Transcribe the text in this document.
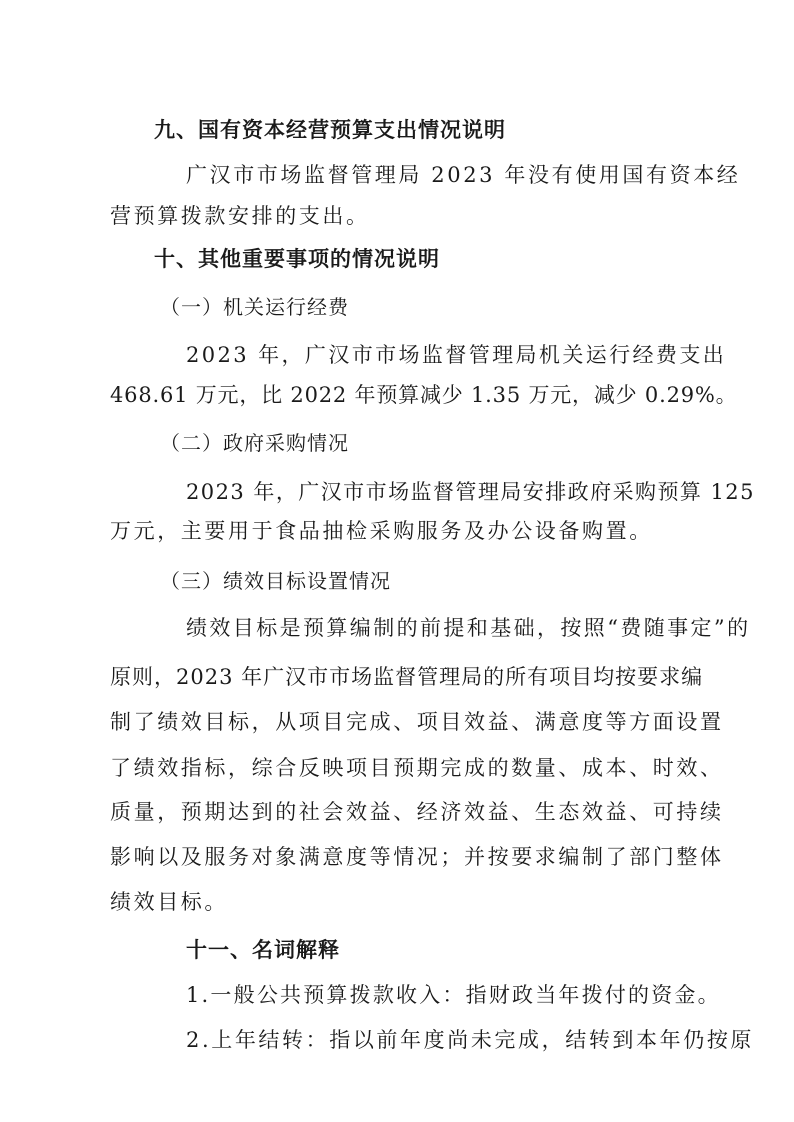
九、国有资本经营预算支出情况说明
广汉市市场监督管理局 2023 年没有使用国有资本经
营预算拨款安排的支出。
十、其他重要事项的情况说明
（一）机关运行经费
2023 年，广汉市市场监督管理局机关运行经费支出
468.61 万元，比 2022 年预算减少 1.35 万元，减少 0.29%。
（二）政府采购情况
2023 年，广汉市市场监督管理局安排政府采购预算 125
万元，主要用于食品抽检采购服务及办公设备购置。
（三）绩效目标设置情况
绩效目标是预算编制的前提和基础，按照“费随事定”的
原则，2023 年广汉市市场监督管理局的所有项目均按要求编
制了绩效目标，从项目完成、项目效益、满意度等方面设置
了绩效指标，综合反映项目预期完成的数量、成本、时效、
质量，预期达到的社会效益、经济效益、生态效益、可持续
影响以及服务对象满意度等情况；并按要求编制了部门整体
绩效目标。
十一、名词解释
1.一般公共预算拨款收入：指财政当年拨付的资金。
2.上年结转：指以前年度尚未完成，结转到本年仍按原
